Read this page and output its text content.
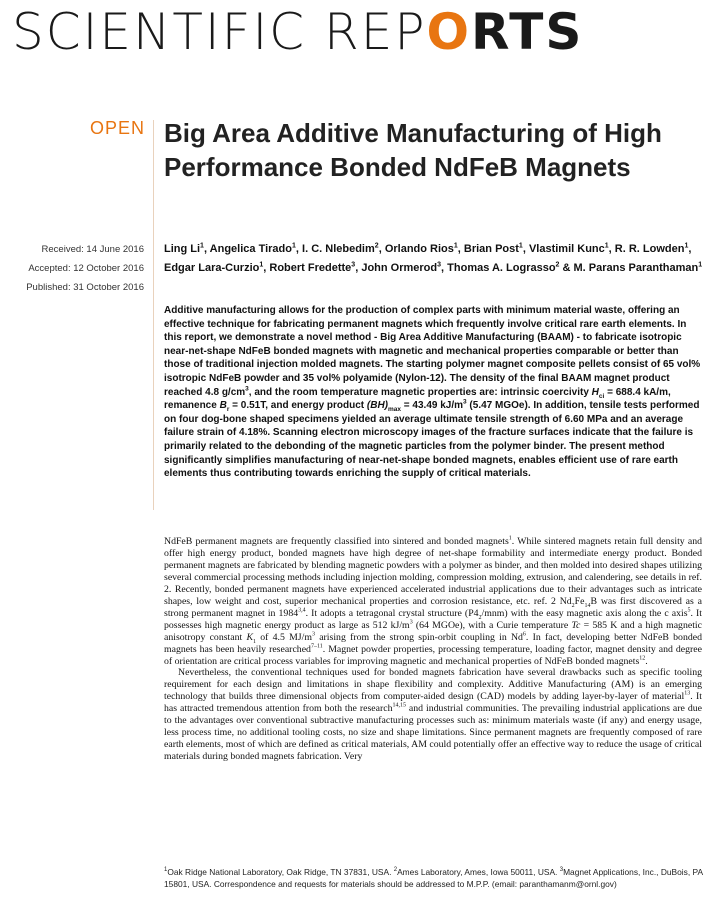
SCIENTIFIC REPORTS
OPEN Big Area Additive Manufacturing of High Performance Bonded NdFeB Magnets
Received: 14 June 2016
Accepted: 12 October 2016
Published: 31 October 2016

Ling Li$^1$, Angelica Tirado$^1$, I. C. Nlebedim$^2$, Orlando Rios$^1$, Brian Post$^1$, Vlastimil Kunc$^1$, R. R. Lowden$^1$, Edgar Lara-Curzio$^1$, Robert Fredette$^3$, John Ormerod$^3$, Thomas A. Lograsso$^2$ & M. Parans Paranthaman$^1$

Additive manufacturing allows for the production of complex parts with minimum material waste, offering an effective technique for fabricating permanent magnets which frequently involve critical rare earth elements. In this report, we demonstrate a novel method - Big Area Additive Manufacturing (BAAM) - to fabricate isotropic near-net-shape NdFeB bonded magnets with magnetic and mechanical properties comparable or better than those of traditional injection molded magnets. The starting polymer magnet composite pellets consist of 65 vol% isotropic NdFeB powder and 35 vol% polyamide (Nylon-12). The density of the final BAAM magnet product reached 4.8 $g/cm^3$, and the room temperature magnetic properties are: intrinsic coercivity $H_{ci} = 688.4$ kA/m, remanence $B_r = 0.51T$, and energy product $(BH)_{max} = 43.49$ $kJ/m^3$ (5.47 MGOe). In addition, tensile tests performed on four dog-bone shaped specimens yielded an average ultimate tensile strength of 6.60 MPa and an average failure strain of 4.18%. Scanning electron microscopy images of the fracture surfaces indicate that the failure is primarily related to the debonding of the magnetic particles from the polymer binder. The present method significantly simplifies manufacturing of near-net-shape bonded magnets, enables efficient use of rare earth elements thus contributing towards enriching the supply of critical materials.

NdFeB permanent magnets are frequently classified into sintered and bonded magnets$^1$. While sintered magnets retain full density and offer high energy product, bonded magnets have high degree of net-shape formability and intermediate energy product. Bonded permanent magnets are fabricated by blending magnetic powders with a polymer as binder, and then molded into desired shapes utilizing several commercial processing methods including injection molding, compression molding, extrusion, and calendering, see details in ref. 2. Recently, bonded permanent magnets have experienced accelerated industrial applications due to their advantages such as intricate shapes, low weight and cost, superior mechanical properties and corrosion resistance, etc. ref. 2 $Nd_2Fe_{14}B$ was first discovered as a strong permanent magnet in 1984$^{3,4}$. It adopts a tetragonal crystal structure $(P4_2/mnm)$ with the easy magnetic axis along the c axis$^5$. It possesses high magnetic energy product as large as 512 $kJ/m^3$ (64 MGOe), with a Curie temperature Tc = 585 K and a high magnetic anisotropy constant $K_1$ of 4.5 $MJ/m^3$ arising from the strong spin-orbit coupling in Nd$^6$. In fact, developing better NdFeB bonded magnets has been heavily researched$^{7-11}$. Magnet powder properties, processing temperature, loading factor, magnet density and degree of orientation are critical process variables for improving magnetic and mechanical properties of NdFeB bonded magnets$^{12}$.

Nevertheless, the conventional techniques used for bonded magnets fabrication have several drawbacks such as specific tooling requirement for each design and limitations in shape flexibility and complexity. Additive Manufacturing (AM) is an emerging technology that builds three dimensional objects from computer-aided design (CAD) models by adding layer-by-layer of material$^{13}$. It has attracted tremendous attention from both the research$^{14,15}$ and industrial communities. The prevailing industrial applications are due to the advantages over conventional subtractive manufacturing processes such as: minimum materials waste (if any) and energy usage, less process time, no additional tooling costs, no size and shape limitations. Since permanent magnets are frequently composed of rare earth elements, most of which are defined as critical materials, AM could potentially offer an effective way to reduce the usage of critical materials during bonded magnets fabrication. Very

$^1$Oak Ridge National Laboratory, Oak Ridge, TN 37831, USA. $^2$Ames Laboratory, Ames, Iowa 50011, USA. $^3$Magnet Applications, Inc., DuBois, PA 15801, USA. Correspondence and requests for materials should be addressed to M.P.P. (email: paranthamanm@ornl.gov)
